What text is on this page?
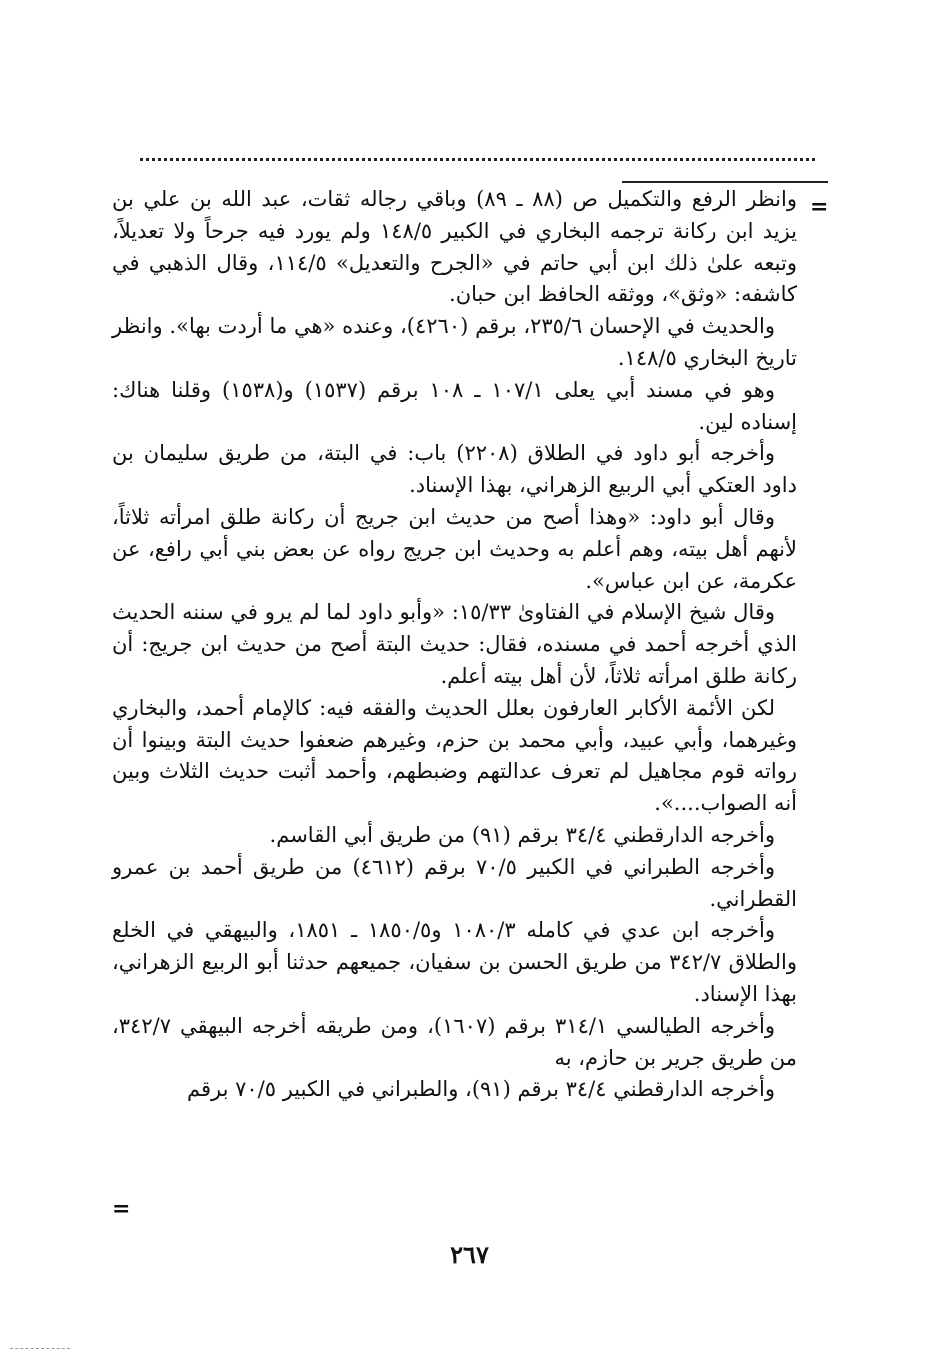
=

وانظر الرفع والتكميل ص (٨٨ ـ ٨٩) وباقي رجاله ثقات، عبد الله بن علي بن يزيد ابن ركانة ترجمه البخاري في الكبير ١٤٨/٥ ولم يورد فيه جرحاً ولا تعديلاً، وتبعه علىٰ ذلك ابن أبي حاتم في «الجرح والتعديل» ١١٤/٥، وقال الذهبي في كاشفه: «وثق»، ووثقه الحافظ ابن حبان.

والحديث في الإحسان ٢٣٥/٦، برقم (٤٢٦٠)، وعنده «هي ما أردت بها». وانظر تاريخ البخاري ١٤٨/٥.

وهو في مسند أبي يعلى ١٠٧/١ ـ ١٠٨ برقم (١٥٣٧) و(١٥٣٨) وقلنا هناك: إسناده لين.

وأخرجه أبو داود في الطلاق (٢٢٠٨) باب: في البتة، من طريق سليمان بن داود العتكي أبي الربيع الزهراني، بهذا الإسناد.

وقال أبو داود: «وهذا أصح من حديث ابن جريج أن ركانة طلق امرأته ثلاثاً، لأنهم أهل بيته، وهم أعلم به وحديث ابن جريج رواه عن بعض بني أبي رافع، عن عكرمة، عن ابن عباس».

وقال شيخ الإسلام في الفتاوىٰ ١٥/٣٣: «وأبو داود لما لم يرو في سننه الحديث الذي أخرجه أحمد في مسنده، فقال: حديث البتة أصح من حديث ابن جريج: أن ركانة طلق امرأته ثلاثاً، لأن أهل بيته أعلم.

لكن الأئمة الأكابر العارفون بعلل الحديث والفقه فيه: كالإمام أحمد، والبخاري وغيرهما، وأبي عبيد، وأبي محمد بن حزم، وغيرهم ضعفوا حديث البتة وبينوا أن رواته قوم مجاهيل لم تعرف عدالتهم وضبطهم، وأحمد أثبت حديث الثلاث وبين أنه الصواب....».

وأخرجه الدارقطني ٣٤/٤ برقم (٩١) من طريق أبي القاسم.

وأخرجه الطبراني في الكبير ٧٠/٥ برقم (٤٦١٢) من طريق أحمد بن عمرو القطراني.

وأخرجه ابن عدي في كامله ١٠٨٠/٣ و١٨٥٠/٥ ـ ١٨٥١، والبيهقي في الخلع والطلاق ٣٤٢/٧ من طريق الحسن بن سفيان، جميعهم حدثنا أبو الربيع الزهراني، بهذا الإسناد.

وأخرجه الطيالسي ٣١٤/١ برقم (١٦٠٧)، ومن طريقه أخرجه البيهقي ٣٤٢/٧، من طريق جرير بن حازم، به

وأخرجه الدارقطني ٣٤/٤ برقم (٩١)، والطبراني في الكبير ٧٠/٥ برقم

=
٢٦٧
